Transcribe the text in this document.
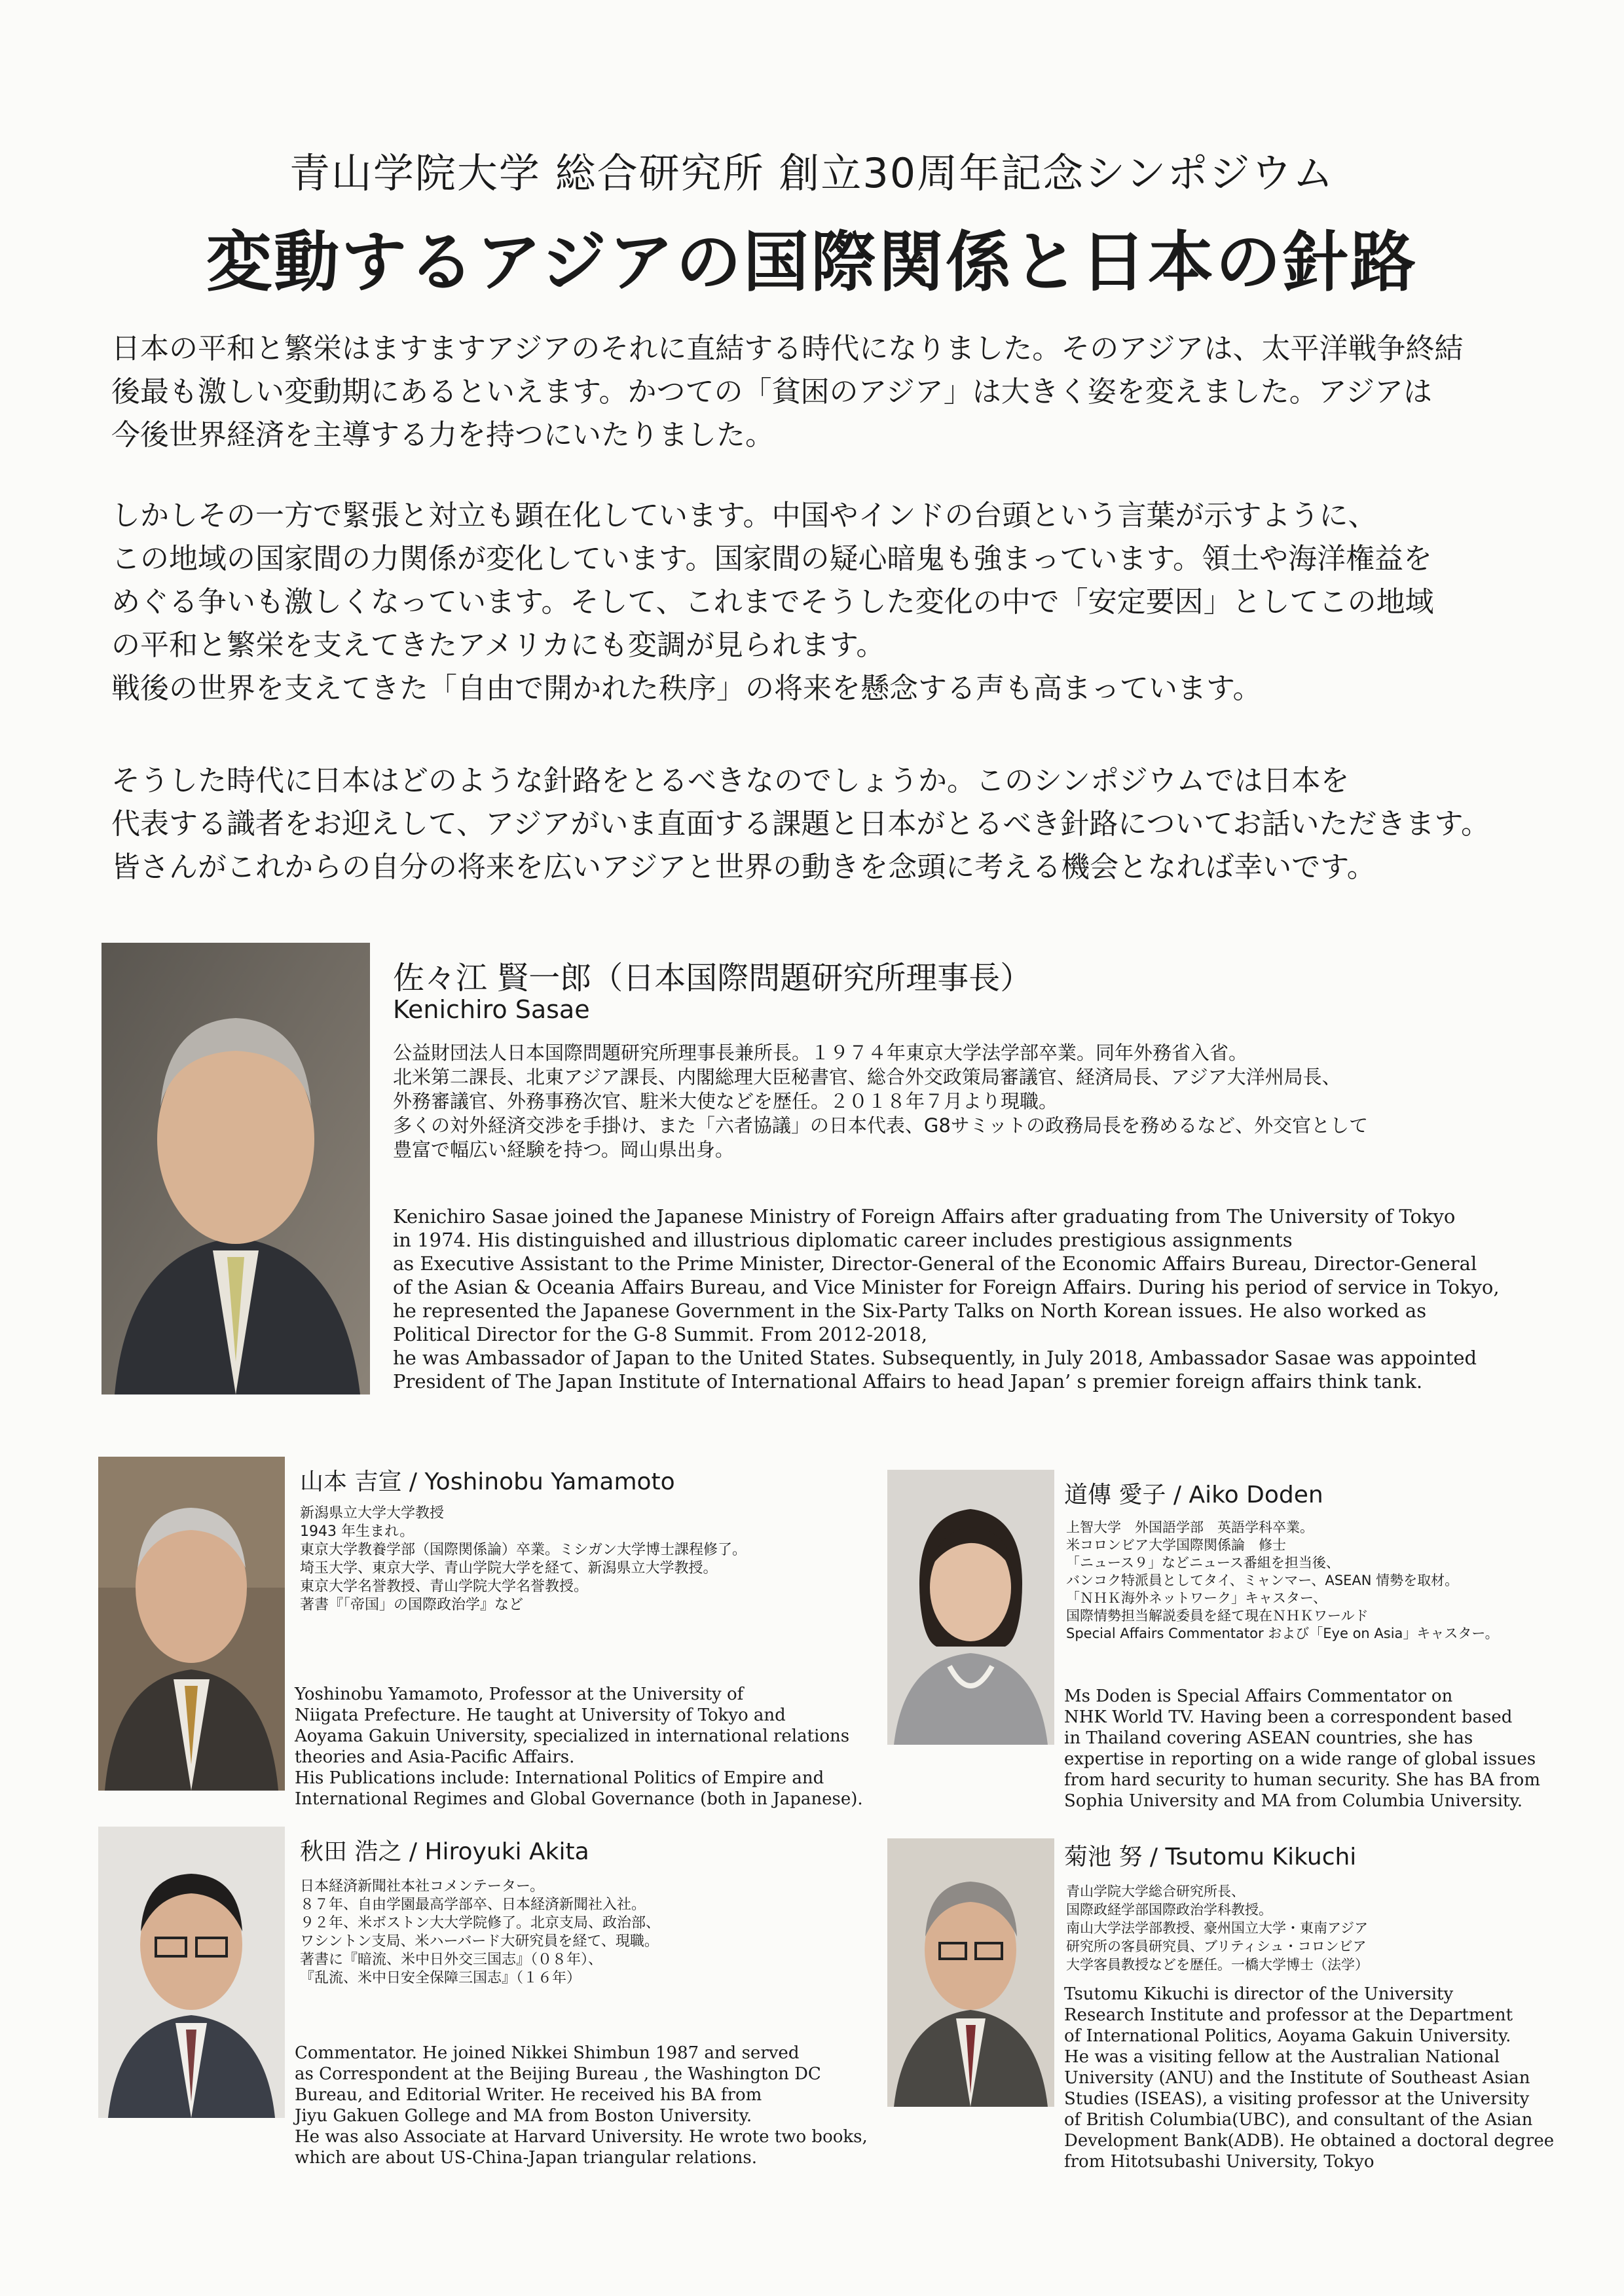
青山学院大学 総合研究所 創立30周年記念シンポジウム
変動するアジアの国際関係と日本の針路

日本の平和と繁栄はますますアジアのそれに直結する時代になりました。そのアジアは、太平洋戦争終結
後最も激しい変動期にあるといえます。かつての「貧困のアジア」は大きく姿を変えました。アジアは
今後世界経済を主導する力を持つにいたりました。

しかしその一方で緊張と対立も顕在化しています。中国やインドの台頭という言葉が示すように、
この地域の国家間の力関係が変化しています。国家間の疑心暗鬼も強まっています。領土や海洋権益を
めぐる争いも激しくなっています。そして、これまでそうした変化の中で「安定要因」としてこの地域
の平和と繁栄を支えてきたアメリカにも変調が見られます。
戦後の世界を支えてきた「自由で開かれた秩序」の将来を懸念する声も高まっています。

そうした時代に日本はどのような針路をとるべきなのでしょうか。このシンポジウムでは日本を
代表する識者をお迎えして、アジアがいま直面する課題と日本がとるべき針路についてお話いただきます。
皆さんがこれからの自分の将来を広いアジアと世界の動きを念頭に考える機会となれば幸いです。

佐々江 賢一郎（日本国際問題研究所理事長）
Kenichiro Sasae
公益財団法人日本国際問題研究所理事長兼所長。１９７４年東京大学法学部卒業。同年外務省入省。
北米第二課長、北東アジア課長、内閣総理大臣秘書官、総合外交政策局審議官、経済局長、アジア大洋州局長、
外務審議官、外務事務次官、駐米大使などを歴任。２０１８年７月より現職。
多くの対外経済交渉を手掛け、また「六者協議」の日本代表、G8サミットの政務局長を務めるなど、外交官として
豊富で幅広い経験を持つ。岡山県出身。
Kenichiro Sasae joined the Japanese Ministry of Foreign Affairs after graduating from The University of Tokyo
in 1974. His distinguished and illustrious diplomatic career includes prestigious assignments
as Executive Assistant to the Prime Minister, Director-General of the Economic Affairs Bureau, Director-General
of the Asian & Oceania Affairs Bureau, and Vice Minister for Foreign Affairs. During his period of service in Tokyo,
he represented the Japanese Government in the Six-Party Talks on North Korean issues. He also worked as
Political Director for the G-8 Summit. From 2012-2018,
he was Ambassador of Japan to the United States. Subsequently, in July 2018, Ambassador Sasae was appointed
President of The Japan Institute of International Affairs to head Japan’ s premier foreign affairs think tank.
山本 吉宣 / Yoshinobu Yamamoto
新潟県立大学大学教授
1943 年生まれ。
東京大学教養学部（国際関係論）卒業。ミシガン大学博士課程修了。
埼玉大学、東京大学、青山学院大学を経て、新潟県立大学教授。
東京大学名誉教授、青山学院大学名誉教授。
著書『「帝国」の国際政治学』など
Yoshinobu Yamamoto, Professor at the University of
Niigata Prefecture. He taught at University of Tokyo and
Aoyama Gakuin University, specialized in international relations
theories and Asia-Pacific Affairs.
His Publications include: International Politics of Empire and
International Regimes and Global Governance (both in Japanese).
道傳 愛子 / Aiko Doden
上智大学　外国語学部　英語学科卒業。
米コロンビア大学国際関係論　修士
「ニュース９」などニュース番組を担当後、
バンコク特派員としてタイ、ミャンマー、ASEAN 情勢を取材。
「ＮＨＫ海外ネットワーク」キャスター、
国際情勢担当解説委員を経て現在ＮＨＫワールド
Special Affairs Commentator および「Eye on Asia」キャスター。
Ms Doden is Special Affairs Commentator on
NHK World TV. Having been a correspondent based
in Thailand covering ASEAN countries, she has
expertise in reporting on a wide range of global issues
from hard security to human security. She has BA from
Sophia University and MA from Columbia University.
秋田 浩之 / Hiroyuki Akita
日本経済新聞社本社コメンテーター。
８７年、自由学園最高学部卒、日本経済新聞社入社。
９２年、米ボストン大大学院修了。北京支局、政治部、
ワシントン支局、米ハーバード大研究員を経て、現職。
著書に『暗流、米中日外交三国志』（０８年）、
『乱流、米中日安全保障三国志』（１６年）
Commentator. He joined Nikkei Shimbun 1987 and served
as Correspondent at the Beijing Bureau , the Washington DC
Bureau, and Editorial Writer. He received his BA from
Jiyu Gakuen Gollege and MA from Boston University.
He was also Associate at Harvard University. He wrote two books,
which are about US-China-Japan triangular relations.
菊池 努 / Tsutomu Kikuchi
青山学院大学総合研究所長、
国際政経学部国際政治学科教授。
南山大学法学部教授、豪州国立大学・東南アジア
研究所の客員研究員、ブリティシュ・コロンビア
大学客員教授などを歴任。一橋大学博士（法学）
Tsutomu Kikuchi is director of the University
Research Institute and professor at the Department
of International Politics, Aoyama Gakuin University.
He was a visiting fellow at the Australian National
University (ANU) and the Institute of Southeast Asian
Studies (ISEAS), a visiting professor at the University
of British Columbia(UBC), and consultant of the Asian
Development Bank(ADB). He obtained a doctoral degree
from Hitotsubashi University, Tokyo
